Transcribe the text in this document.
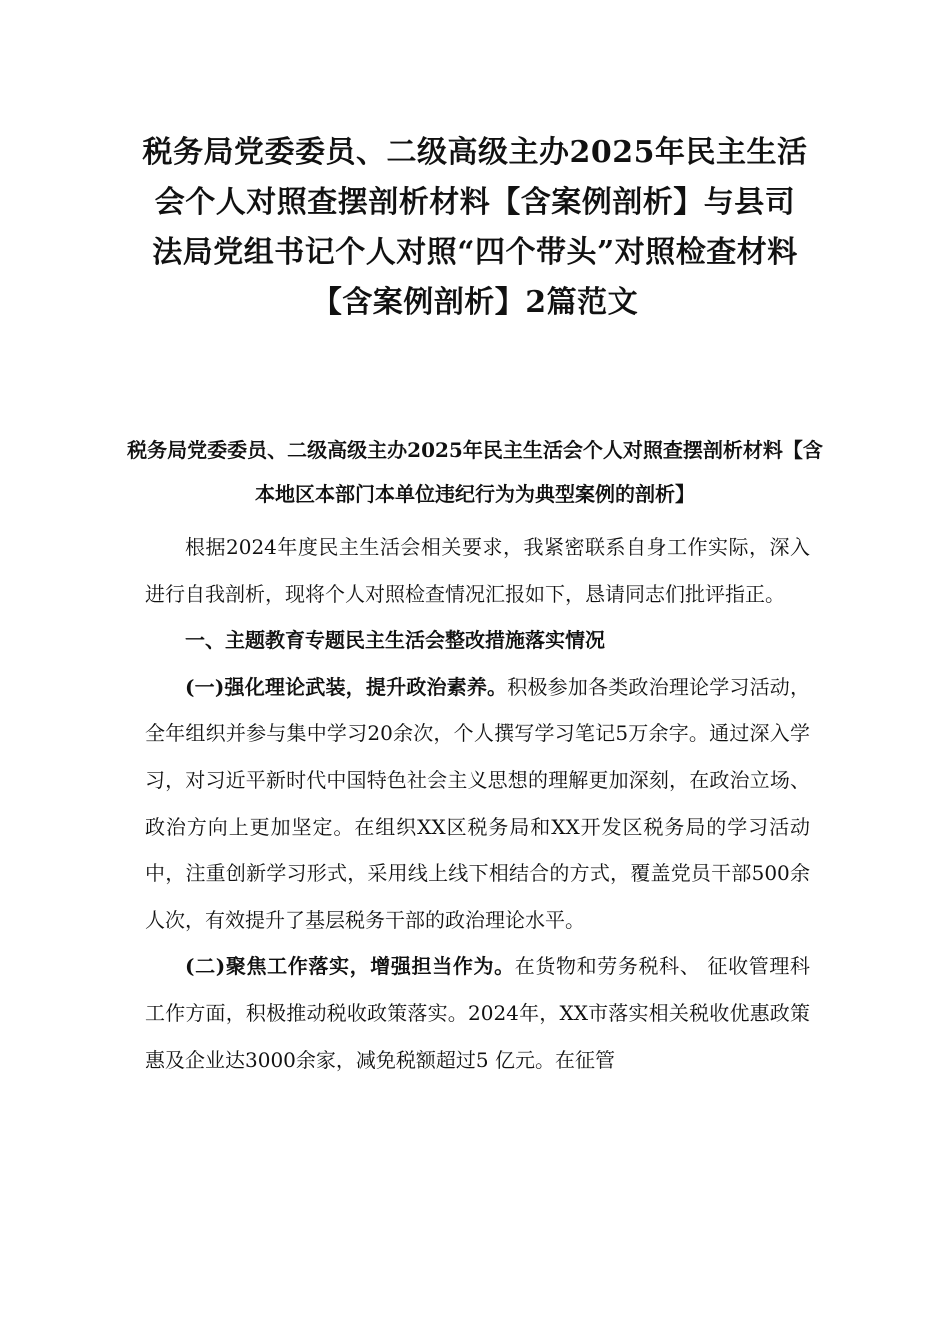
税务局党委委员、二级高级主办2025年民主生活会个人对照查摆剖析材料【含案例剖析】与县司法局党组书记个人对照“四个带头”对照检查材料【含案例剖析】2篇范文
税务局党委委员、二级高级主办2025年民主生活会个人对照查摆剖析材料【含本地区本部门本单位违纪行为为典型案例的剖析】

根据2024年度民主生活会相关要求，我紧密联系自身工作实际，深入进行自我剖析，现将个人对照检查情况汇报如下，恳请同志们批评指正。

一、主题教育专题民主生活会整改措施落实情况

(一)强化理论武装，提升政治素养。积极参加各类政治理论学习活动，全年组织并参与集中学习20余次，个人撰写学习笔记5万余字。通过深入学习，对习近平新时代中国特色社会主义思想的理解更加深刻，在政治立场、政治方向上更加坚定。在组织XX区税务局和XX开发区税务局的学习活动中，注重创新学习形式，采用线上线下相结合的方式，覆盖党员干部500余人次，有效提升了基层税务干部的政治理论水平。

(二)聚焦工作落实，增强担当作为。在货物和劳务税科、 征收管理科工作方面，积极推动税收政策落实。2024年，XX市落实相关税收优惠政策惠及企业达3000余家，减免税额超过5 亿元。在征管
